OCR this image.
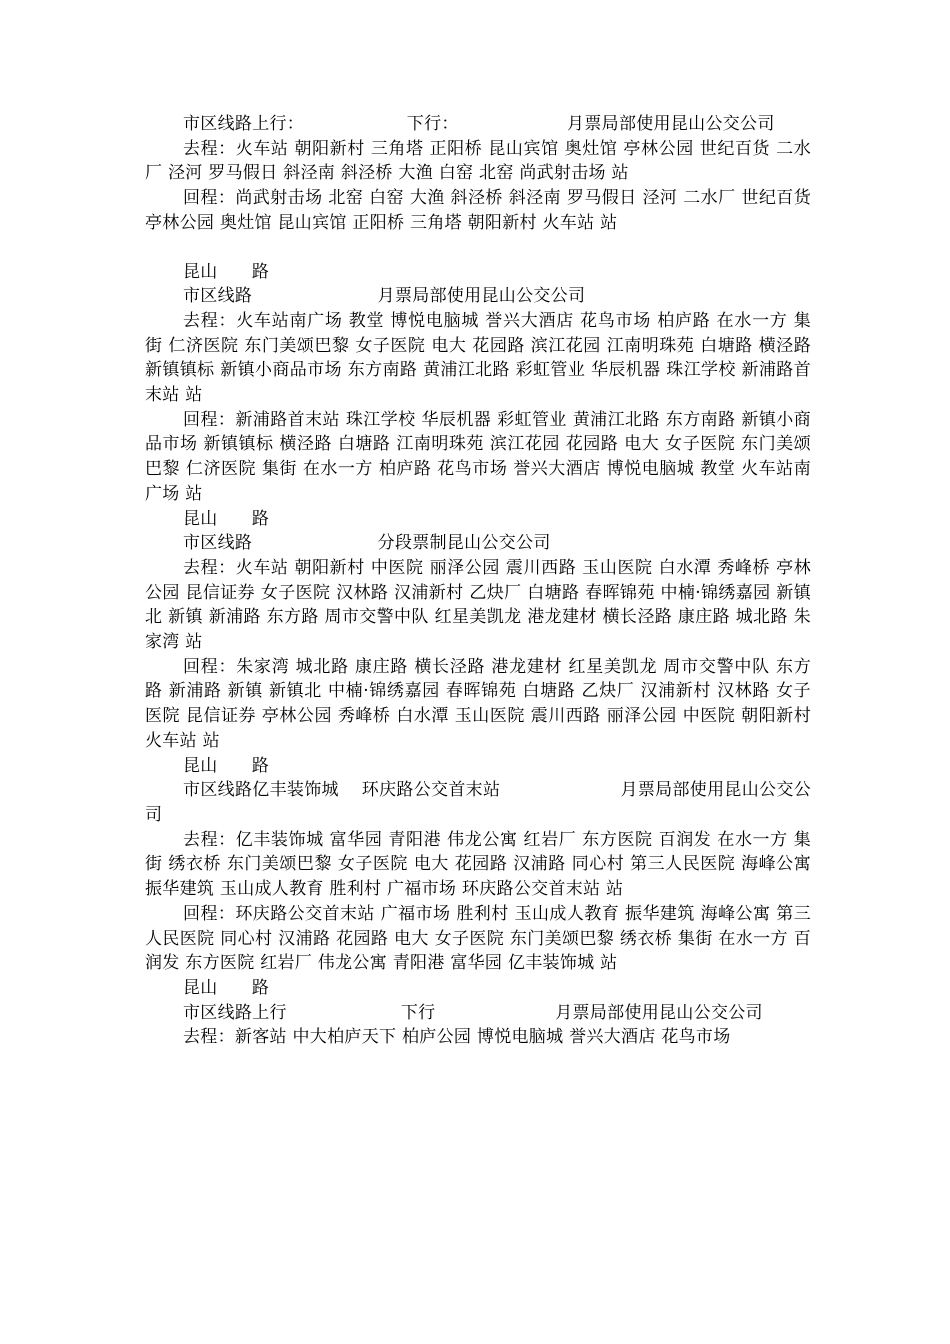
市区线路上行：                  下行：                   月票局部使用昆山公交公司

去程：火车站 朝阳新村 三角塔 正阳桥 昆山宾馆 奥灶馆 亭林公园 世纪百货 二水厂 泾河 罗马假日 斜泾南 斜泾桥 大渔 白窑 北窑 尚武射击场 站

回程：尚武射击场 北窑 白窑 大渔 斜泾桥 斜泾南 罗马假日 泾河 二水厂 世纪百货 亭林公园 奥灶馆 昆山宾馆 正阳桥 三角塔 朝阳新村 火车站 站

昆山      路

市区线路                      月票局部使用昆山公交公司

去程：火车站南广场 教堂 博悦电脑城 誉兴大酒店 花鸟市场 柏庐路 在水一方 集街 仁济医院 东门美颂巴黎 女子医院 电大 花园路 滨江花园 江南明珠苑 白塘路 横泾路 新镇镇标 新镇小商品市场 东方南路 黄浦江北路 彩虹管业 华辰机器 珠江学校 新浦路首末站 站

回程：新浦路首末站 珠江学校 华辰机器 彩虹管业 黄浦江北路 东方南路 新镇小商品市场 新镇镇标 横泾路 白塘路 江南明珠苑 滨江花园 花园路 电大 女子医院 东门美颂巴黎 仁济医院 集街 在水一方 柏庐路 花鸟市场 誉兴大酒店 博悦电脑城 教堂 火车站南广场 站

昆山      路

市区线路                      分段票制昆山公交公司

去程：火车站 朝阳新村 中医院 丽泽公园 震川西路 玉山医院 白水潭 秀峰桥 亭林公园 昆信证券 女子医院 汉林路 汉浦新村 乙炔厂 白塘路 春晖锦苑 中楠·锦绣嘉园 新镇北 新镇 新浦路 东方路 周市交警中队 红星美凯龙 港龙建材 横长泾路 康庄路 城北路 朱家湾 站

回程：朱家湾 城北路 康庄路 横长泾路 港龙建材 红星美凯龙 周市交警中队 东方路 新浦路 新镇 新镇北 中楠·锦绣嘉园 春晖锦苑 白塘路 乙炔厂 汉浦新村 汉林路 女子医院 昆信证券 亭林公园 秀峰桥 白水潭 玉山医院 震川西路 丽泽公园 中医院 朝阳新村 火车站 站

昆山      路

市区线路亿丰装饰城    环庆路公交首末站                     月票局部使用昆山公交公司

去程：亿丰装饰城 富华园 青阳港 伟龙公寓 红岩厂 东方医院 百润发 在水一方 集街 绣衣桥 东门美颂巴黎 女子医院 电大 花园路 汉浦路 同心村 第三人民医院 海峰公寓 振华建筑 玉山成人教育 胜利村 广福市场 环庆路公交首末站 站

回程：环庆路公交首末站 广福市场 胜利村 玉山成人教育 振华建筑 海峰公寓 第三人民医院 同心村 汉浦路 花园路 电大 女子医院 东门美颂巴黎 绣衣桥 集街 在水一方 百润发 东方医院 红岩厂 伟龙公寓 青阳港 富华园 亿丰装饰城 站

昆山      路

市区线路上行                    下行                     月票局部使用昆山公交公司

去程：新客站 中大柏庐天下 柏庐公园 博悦电脑城 誉兴大酒店 花鸟市场
